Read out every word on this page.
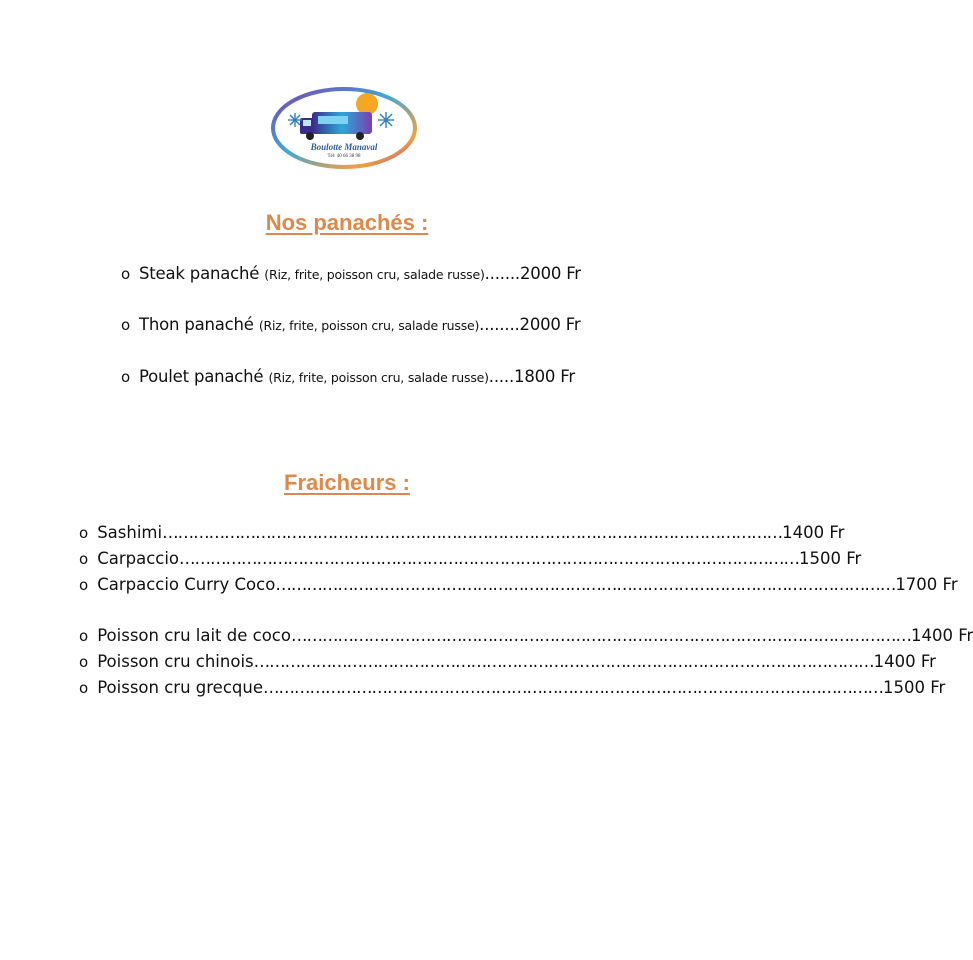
Boulotte Manaval
Tél: 40 66 38 98
Nos panachés :
o Steak panaché (Riz, frite, poisson cru, salade russe).......2000 Fr
o Thon panaché (Riz, frite, poisson cru, salade russe)........2000 Fr
o Poulet panaché (Riz, frite, poisson cru, salade russe).....1800 Fr
Fraicheurs :
o Sashimi ………………………………………………………………………………………………………… 1400 Fr
o Carpaccio ………………………………………………………………………………………………………… 1500 Fr
o Carpaccio Curry Coco ………………………………………………………………………………………………………… 1700 Fr
o Poisson cru lait de coco ………………………………………………………………………………………………………… 1400 Fr
o Poisson cru chinois ………………………………………………………………………………………………………… 1400 Fr
o Poisson cru grecque ………………………………………………………………………………………………………… 1500 Fr
